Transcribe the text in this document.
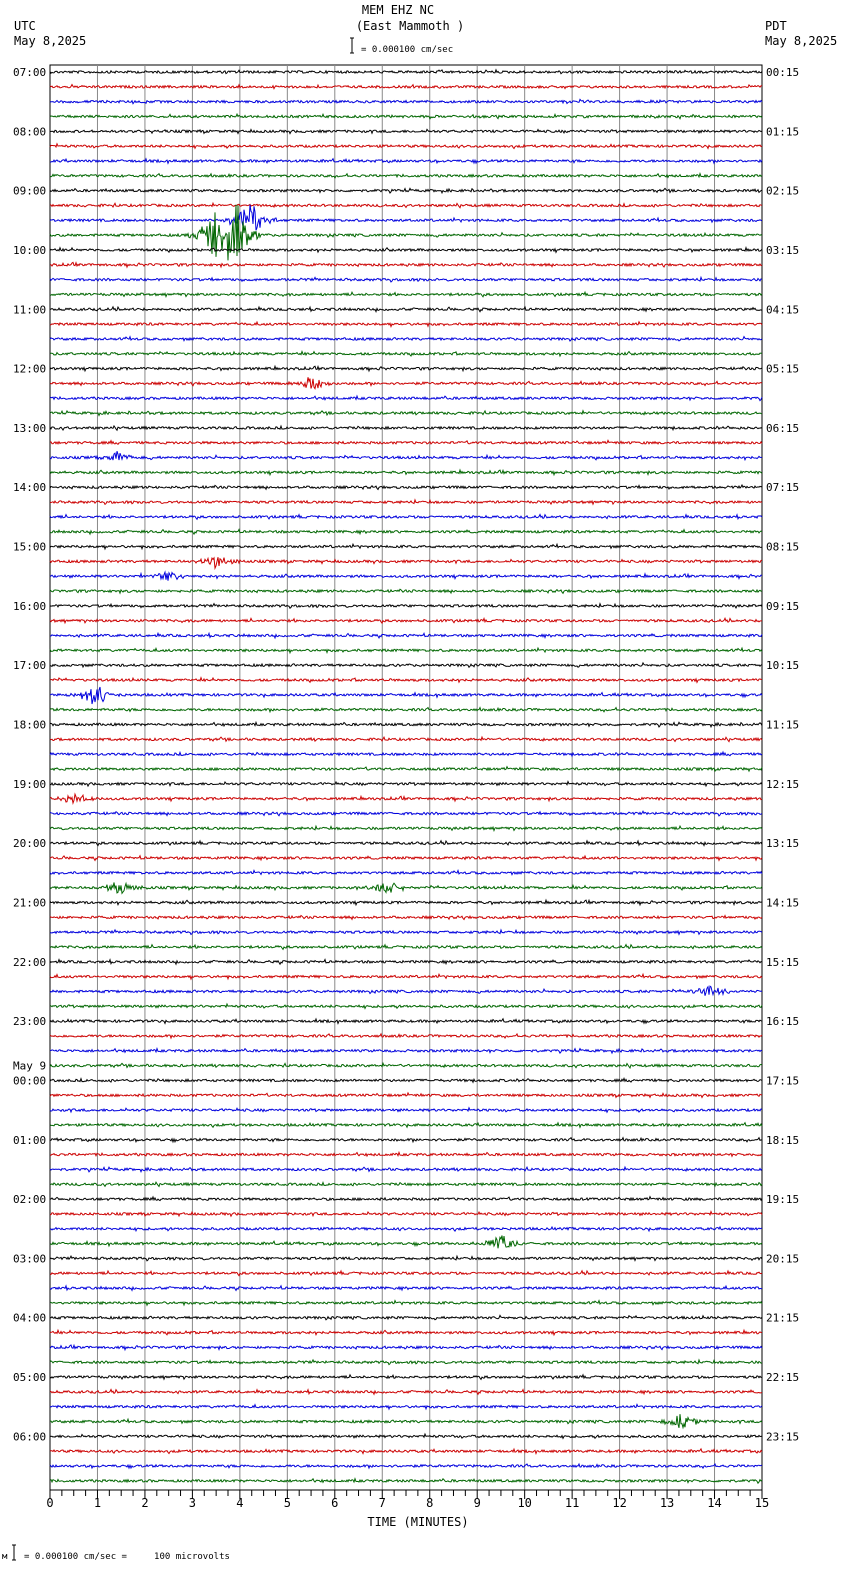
MEM EHZ NC
(East Mammoth )
UTC
May 8,2025
PDT
May 8,2025
= 0.000100 cm/sec
07:00
08:00
09:00
10:00
11:00
12:00
13:00
14:00
15:00
16:00
17:00
18:00
19:00
20:00
21:00
22:00
23:00
00:00
May 9
01:00
02:00
03:00
04:00
05:00
06:00
00:15
01:15
02:15
03:15
04:15
05:15
06:15
07:15
08:15
09:15
10:15
11:15
12:15
13:15
14:15
15:15
16:15
17:15
18:15
19:15
20:15
21:15
22:15
23:15
0	1	2	3	4	5	6	7	8	9	10	11	12	13	14	15
TIME (MINUTES)
м = 0.000100 cm/sec =     100 microvolts
